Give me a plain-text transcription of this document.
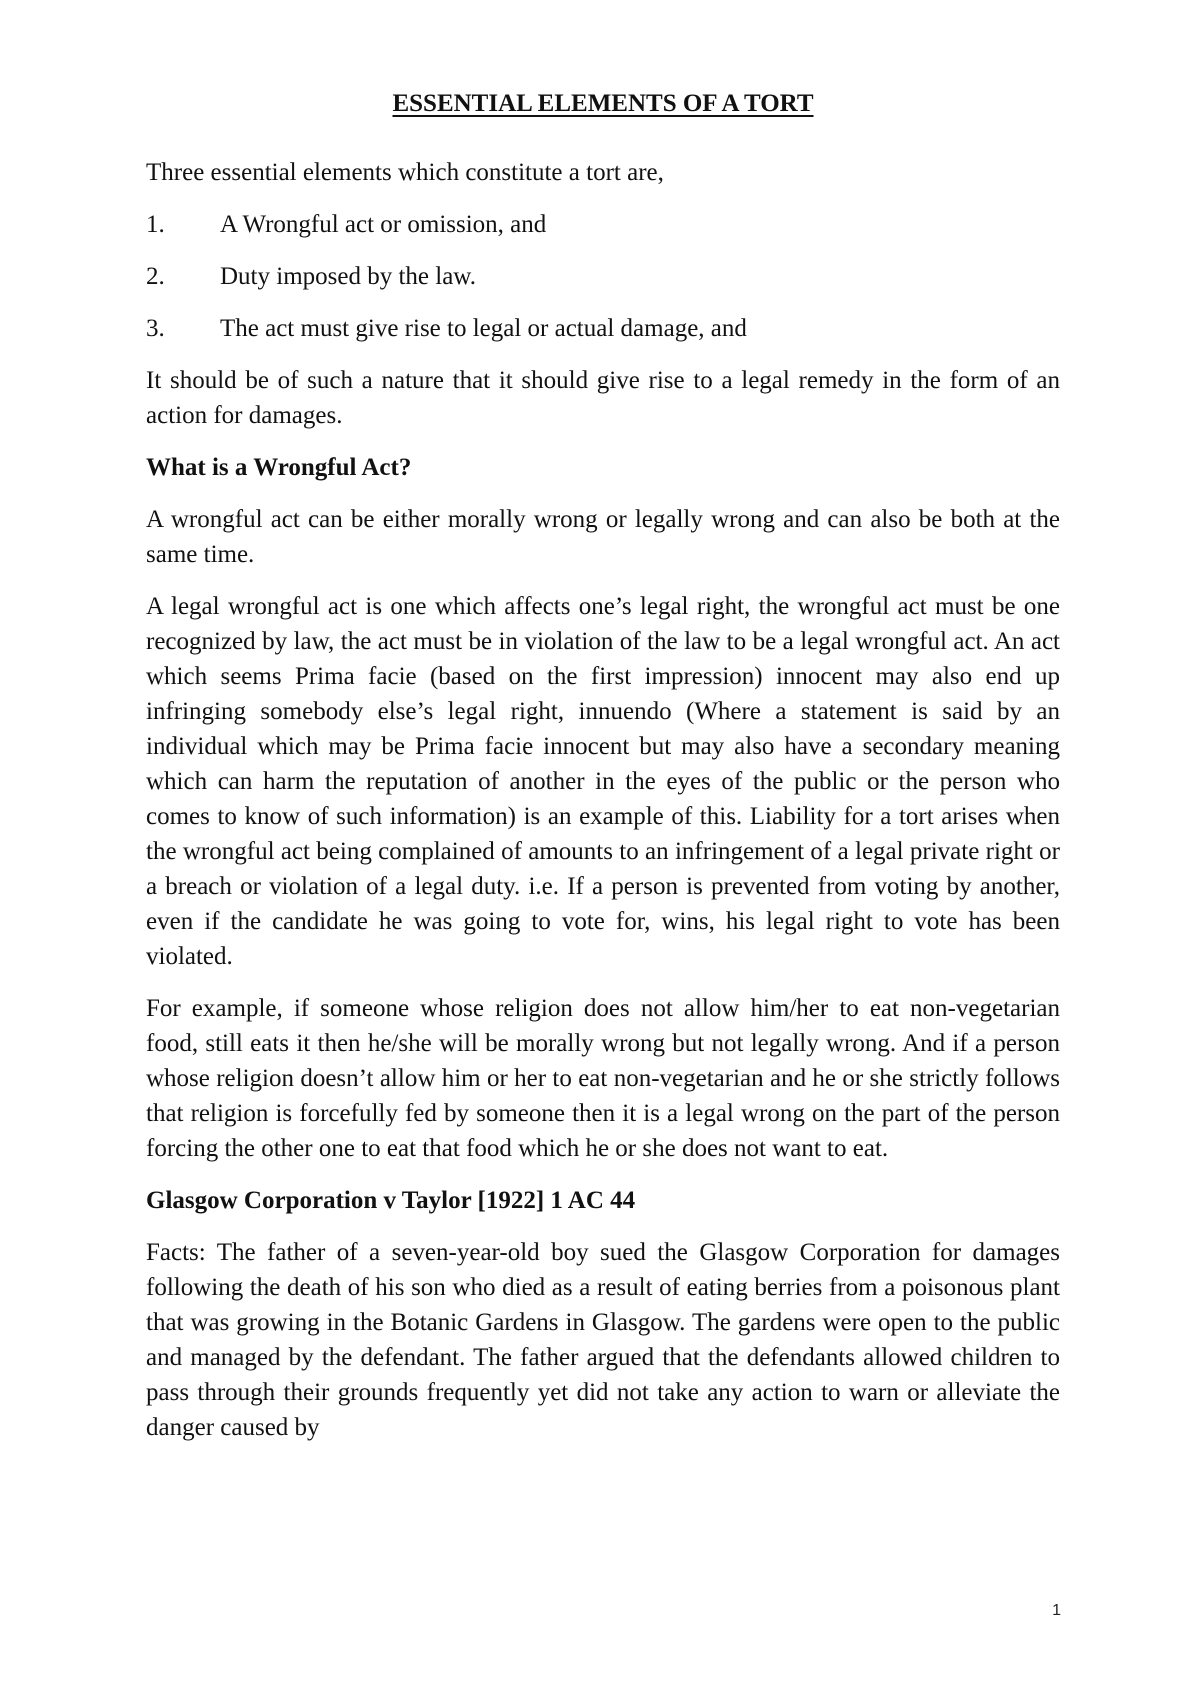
ESSENTIAL ELEMENTS OF A TORT
Three essential elements which constitute a tort are,
1.	A Wrongful act or omission, and
2.	Duty imposed by the law.
3.	The act must give rise to legal or actual damage, and
It should be of such a nature that it should give rise to a legal remedy in the form of an action for damages.
What is a Wrongful Act?
A wrongful act can be either morally wrong or legally wrong and can also be both at the same time.
A legal wrongful act is one which affects one’s legal right, the wrongful act must be one recognized by law, the act must be in violation of the law to be a legal wrongful act. An act which seems Prima facie (based on the first impression) innocent may also end up infringing somebody else’s legal right, innuendo (Where a statement is said by an individual which may be Prima facie innocent but may also have a secondary meaning which can harm the reputation of another in the eyes of the public or the person who comes to know of such information) is an example of this. Liability for a tort arises when the wrongful act being complained of amounts to an infringement of a legal private right or a breach or violation of a legal duty. i.e. If a person is prevented from voting by another, even if the candidate he was going to vote for, wins, his legal right to vote has been violated.
For example, if someone whose religion does not allow him/her to eat non-vegetarian food, still eats it then he/she will be morally wrong but not legally wrong. And if a person whose religion doesn’t allow him or her to eat non-vegetarian and he or she strictly follows that religion is forcefully fed by someone then it is a legal wrong on the part of the person forcing the other one to eat that food which he or she does not want to eat.
Glasgow Corporation v Taylor [1922] 1 AC 44
Facts: The father of a seven-year-old boy sued the Glasgow Corporation for damages following the death of his son who died as a result of eating berries from a poisonous plant that was growing in the Botanic Gardens in Glasgow. The gardens were open to the public and managed by the defendant. The father argued that the defendants allowed children to pass through their grounds frequently yet did not take any action to warn or alleviate the danger caused by
1
